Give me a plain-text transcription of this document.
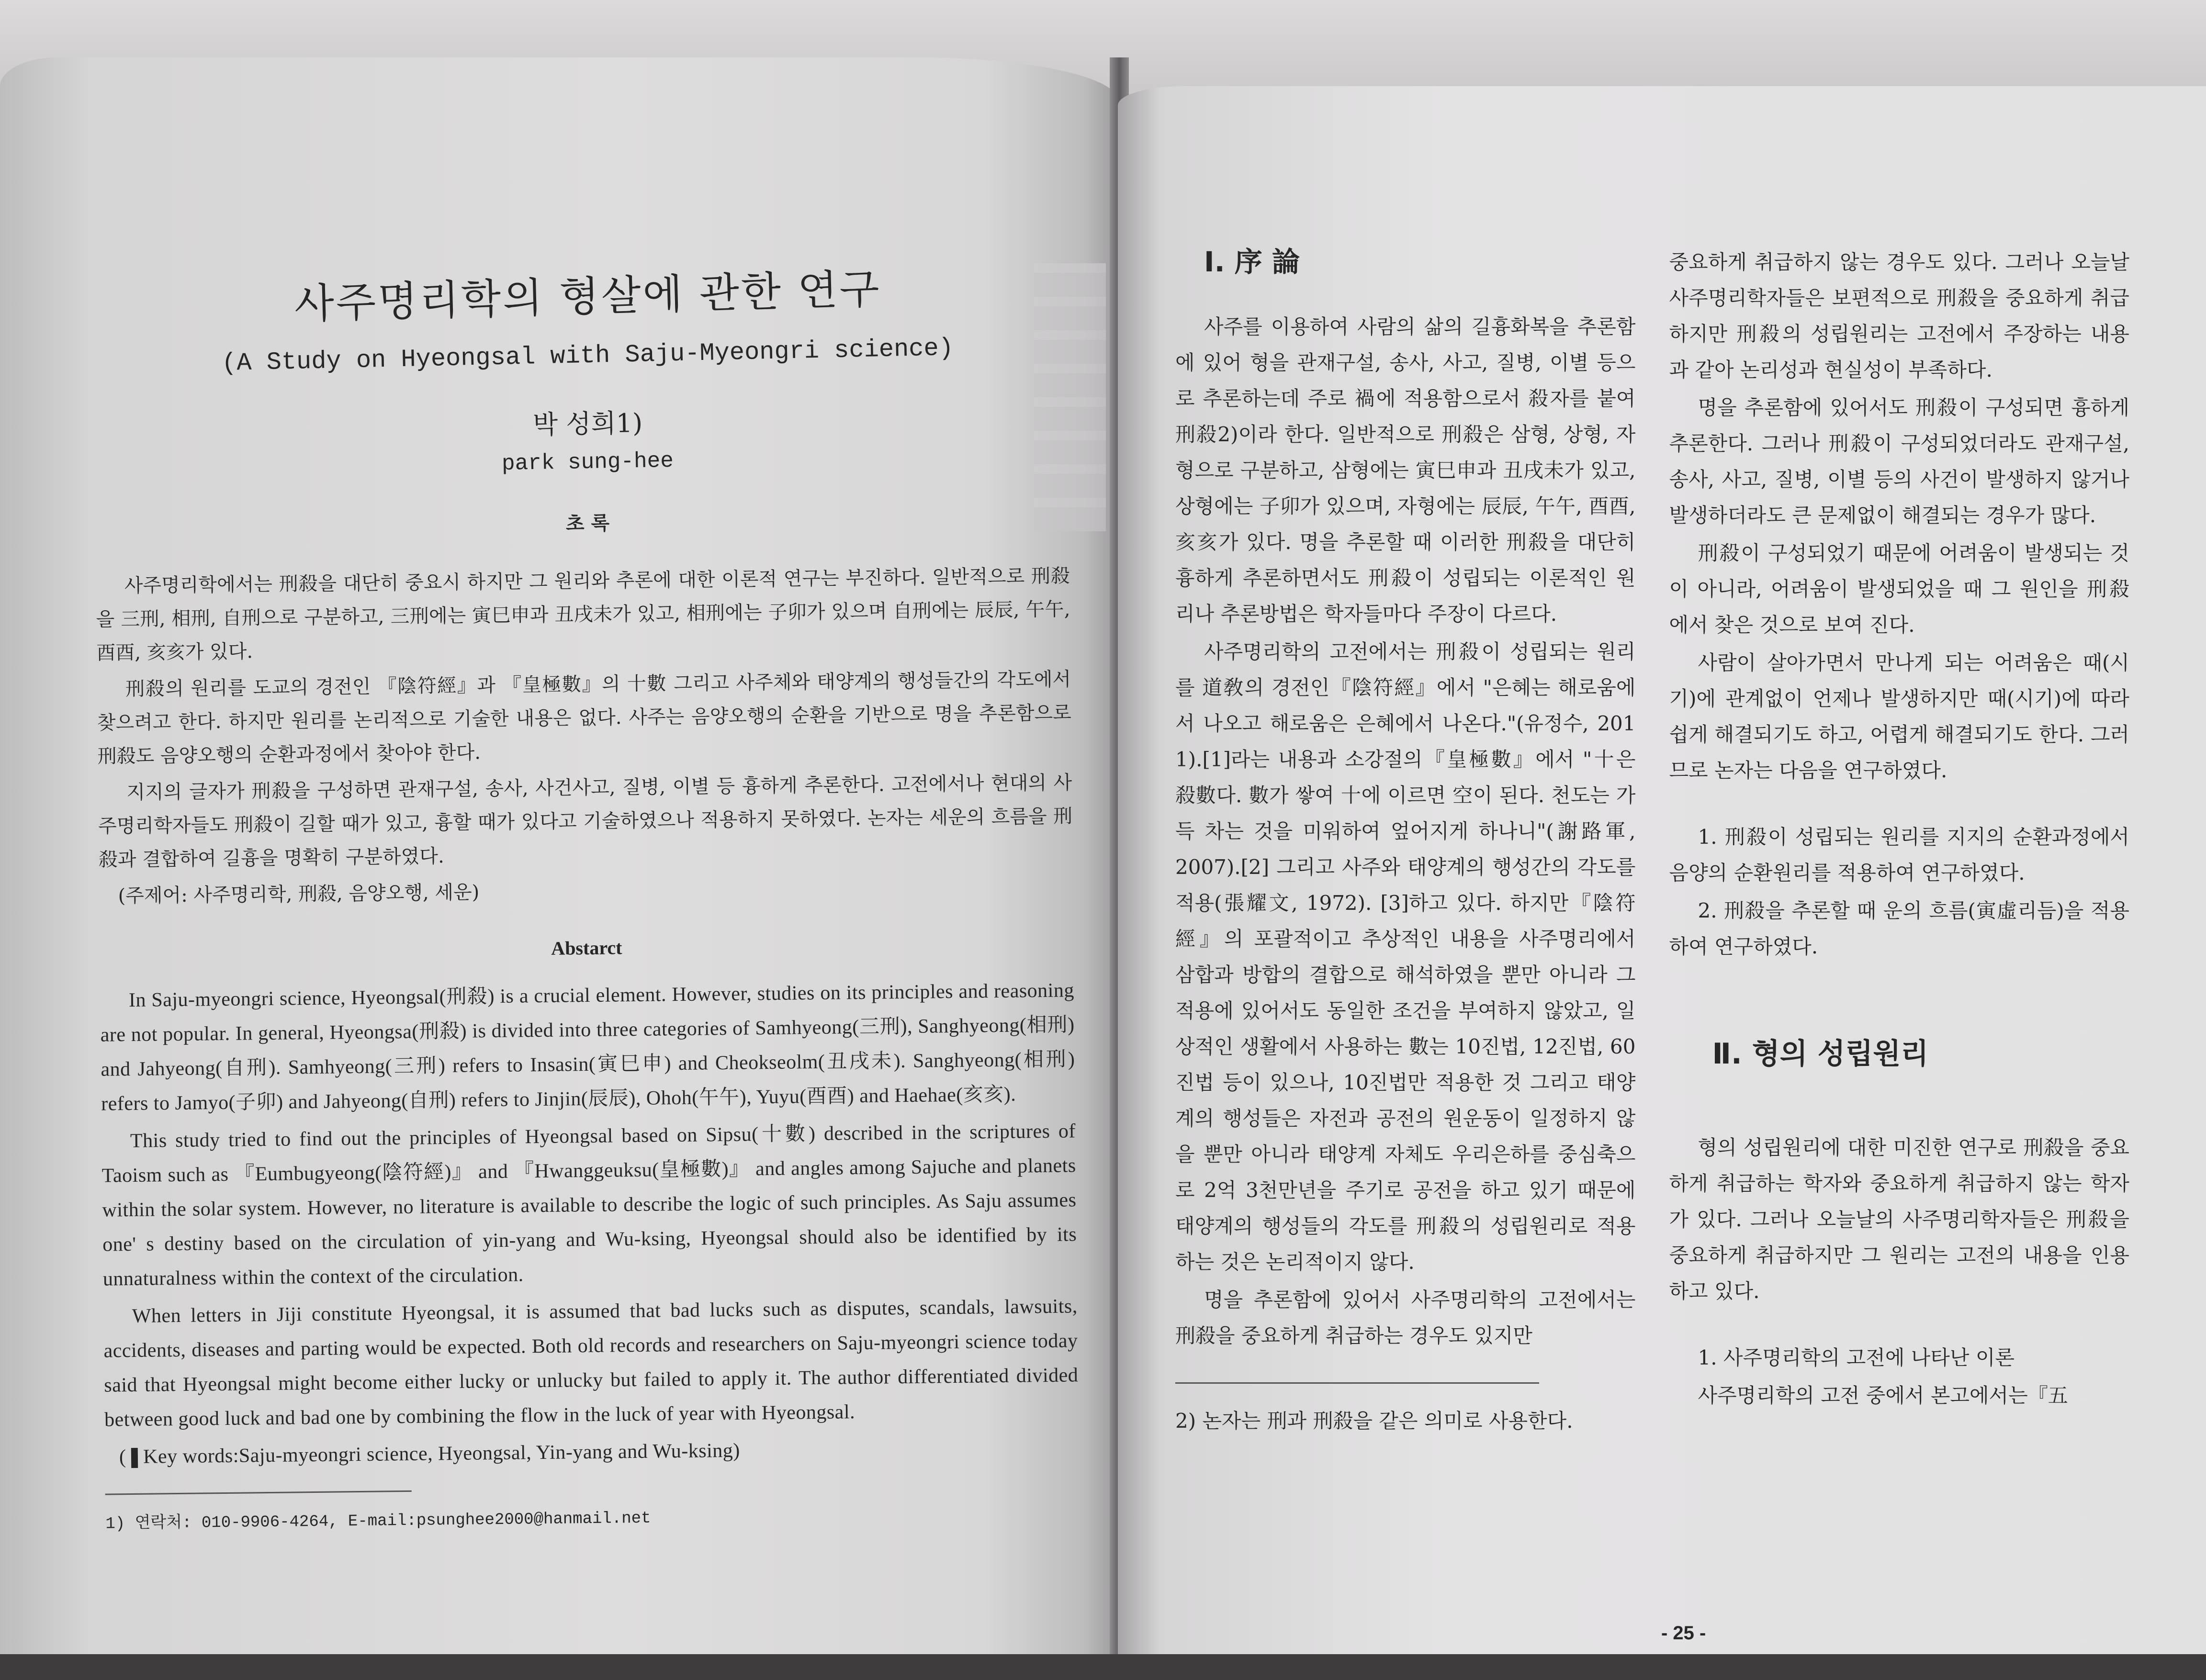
사주명리학의 형살에 관한 연구
(A Study on Hyeongsal with Saju-Myeongri science)
박 성희1)
park sung-hee
초 록

사주명리학에서는 刑殺을 대단히 중요시 하지만 그 원리와 추론에 대한 이론적 연구는 부진하다. 일반적으로 刑殺을 三刑, 相刑, 自刑으로 구분하고, 三刑에는 寅巳申과 丑戌未가 있고, 相刑에는 子卯가 있으며 自刑에는 辰辰, 午午, 酉酉, 亥亥가 있다.

刑殺의 원리를 도교의 경전인 『陰符經』과 『皇極數』의 十數 그리고 사주체와 태양계의 행성들간의 각도에서 찾으려고 한다. 하지만 원리를 논리적으로 기술한 내용은 없다. 사주는 음양오행의 순환을 기반으로 명을 추론함으로 刑殺도 음양오행의 순환과정에서 찾아야 한다.

지지의 글자가 刑殺을 구성하면 관재구설, 송사, 사건사고, 질병, 이별 등 흉하게 추론한다. 고전에서나 현대의 사주명리학자들도 刑殺이 길할 때가 있고, 흉할 때가 있다고 기술하였으나 적용하지 못하였다. 논자는 세운의 흐름을 刑殺과 결합하여 길흉을 명확히 구분하였다.

(주제어: 사주명리학, 刑殺, 음양오행, 세운)
Abstarct

In Saju-myeongri science, Hyeongsal(刑殺) is a crucial element. However, studies on its principles and reasoning are not popular. In general, Hyeongsa(刑殺) is divided into three categories of Samhyeong(三刑), Sanghyeong(相刑) and Jahyeong(自刑). Samhyeong(三刑) refers to Insasin(寅巳申) and Cheokseolm(丑戌未). Sanghyeong(相刑) refers to Jamyo(子卯) and Jahyeong(自刑) refers to Jinjin(辰辰), Ohoh(午午), Yuyu(酉酉) and Haehae(亥亥).

This study tried to find out the principles of Hyeongsal based on Sipsu(十數) described in the scriptures of Taoism such as 『Eumbugyeong(陰符經)』 and 『Hwanggeuksu(皇極數)』 and angles among Sajuche and planets within the solar system. However, no literature is available to describe the logic of such principles. As Saju assumes one' s destiny based on the circulation of yin-yang and Wu-ksing, Hyeongsal should also be identified by its unnaturalness within the context of the circulation.

When letters in Jiji constitute Hyeongsal, it is assumed that bad lucks such as disputes, scandals, lawsuits, accidents, diseases and parting would be expected. Both old records and researchers on Saju-myeongri science today said that Hyeongsal might become either lucky or unlucky but failed to apply it. The author differentiated divided between good luck and bad one by combining the flow in the luck of year with Hyeongsal.

(❚Key words:Saju-myeongri science, Hyeongsal, Yin-yang and Wu-ksing)

1) 연락처: 010-9906-4264, E-mail:psunghee2000@hanmail.net
Ⅰ. 序 論

사주를 이용하여 사람의 삶의 길흉화복을 추론함에 있어 형을 관재구설, 송사, 사고, 질병, 이별 등으로 추론하는데 주로 禍에 적용함으로서 殺자를 붙여 刑殺2)이라 한다. 일반적으로 刑殺은 삼형, 상형, 자형으로 구분하고, 삼형에는 寅巳申과 丑戌未가 있고, 상형에는 子卯가 있으며, 자형에는 辰辰, 午午, 酉酉, 亥亥가 있다. 명을 추론할 때 이러한 刑殺을 대단히 흉하게 추론하면서도 刑殺이 성립되는 이론적인 원리나 추론방법은 학자들마다 주장이 다르다.

사주명리학의 고전에서는 刑殺이 성립되는 원리를 道敎의 경전인『陰符經』에서 "은혜는 해로움에서 나오고 해로움은 은혜에서 나온다."(유정수, 201 1).[1]라는 내용과 소강절의『皇極數』에서 "十은 殺數다. 數가 쌓여 十에 이르면 空이 된다. 천도는 가득 차는 것을 미워하여 엎어지게 하나니"(謝路軍, 2007).[2] 그리고 사주와 태양계의 행성간의 각도를 적용(張耀文, 1972). [3]하고 있다. 하지만『陰符經』의 포괄적이고 추상적인 내용을 사주명리에서 삼합과 방합의 결합으로 해석하였을 뿐만 아니라 그 적용에 있어서도 동일한 조건을 부여하지 않았고, 일상적인 생활에서 사용하는 數는 10진법, 12진법, 60진법 등이 있으나, 10진법만 적용한 것 그리고 태양계의 행성들은 자전과 공전의 원운동이 일정하지 않을 뿐만 아니라 태양계 자체도 우리은하를 중심축으로 2억 3천만년을 주기로 공전을 하고 있기 때문에 태양계의 행성들의 각도를 刑殺의 성립원리로 적용하는 것은 논리적이지 않다.

명을 추론함에 있어서 사주명리학의 고전에서는 刑殺을 중요하게 취급하는 경우도 있지만

2) 논자는 刑과 刑殺을 같은 의미로 사용한다.

중요하게 취급하지 않는 경우도 있다. 그러나 오늘날 사주명리학자들은 보편적으로 刑殺을 중요하게 취급하지만 刑殺의 성립원리는 고전에서 주장하는 내용과 같아 논리성과 현실성이 부족하다.

명을 추론함에 있어서도 刑殺이 구성되면 흉하게 추론한다. 그러나 刑殺이 구성되었더라도 관재구설, 송사, 사고, 질병, 이별 등의 사건이 발생하지 않거나 발생하더라도 큰 문제없이 해결되는 경우가 많다.

刑殺이 구성되었기 때문에 어려움이 발생되는 것이 아니라, 어려움이 발생되었을 때 그 원인을 刑殺에서 찾은 것으로 보여 진다.

사람이 살아가면서 만나게 되는 어려움은 때(시기)에 관계없이 언제나 발생하지만 때(시기)에 따라 쉽게 해결되기도 하고, 어렵게 해결되기도 한다. 그러므로 논자는 다음을 연구하였다.

1. 刑殺이 성립되는 원리를 지지의 순환과정에서 음양의 순환원리를 적용하여 연구하였다.

2. 刑殺을 추론할 때 운의 흐름(寅虛리듬)을 적용하여 연구하였다.

Ⅱ. 형의 성립원리

형의 성립원리에 대한 미진한 연구로 刑殺을 중요하게 취급하는 학자와 중요하게 취급하지 않는 학자가 있다. 그러나 오늘날의 사주명리학자들은 刑殺을 중요하게 취급하지만 그 원리는 고전의 내용을 인용하고 있다.

1. 사주명리학의 고전에 나타난 이론

사주명리학의 고전 중에서 본고에서는『五

- 25 -
